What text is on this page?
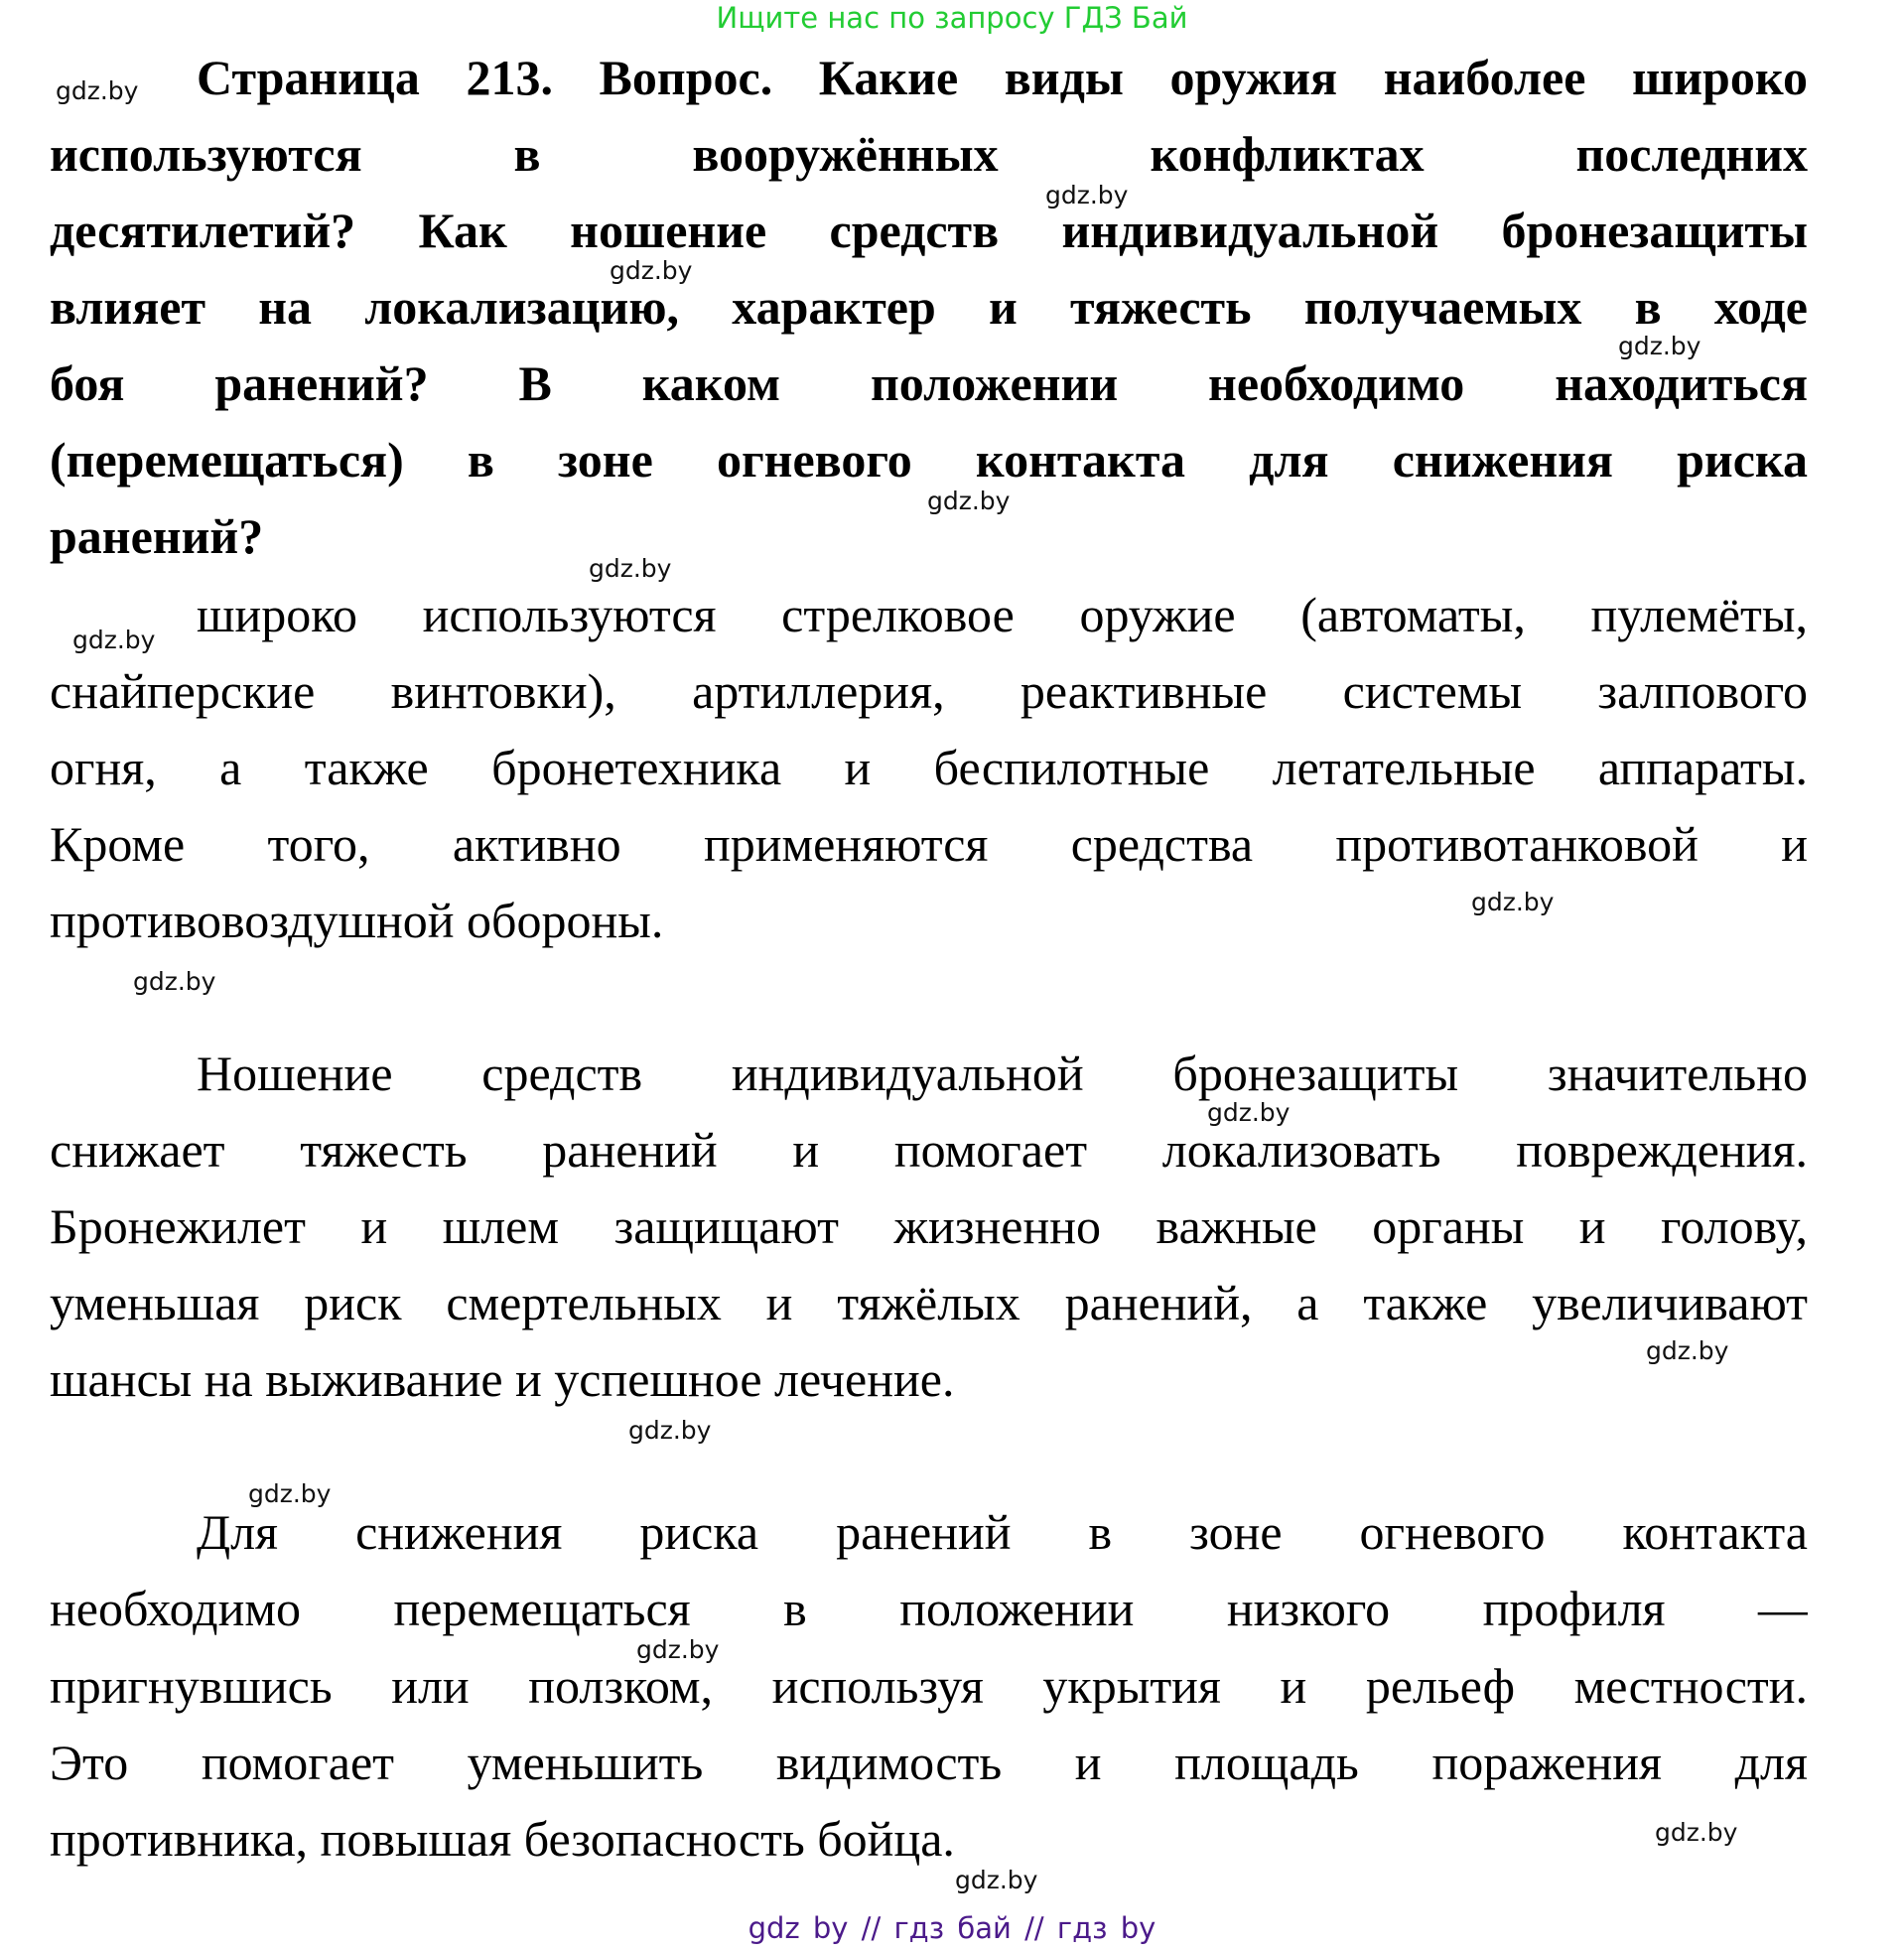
Ищите нас по запросу ГДЗ Бай
Страница 213. Вопрос. Какие виды оружия наиболее широко
используются в вооружённых конфликтах последних
десятилетий? Как ношение средств индивидуальной бронезащиты
влияет на локализацию, характер и тяжесть получаемых в ходе
боя ранений? В каком положении необходимо находиться
(перемещаться) в зоне огневого контакта для снижения риска
ранений?
широко используются стрелковое оружие (автоматы, пулемёты,
снайперские винтовки), артиллерия, реактивные системы залпового
огня, а также бронетехника и беспилотные летательные аппараты.
Кроме того, активно применяются средства противотанковой и
противовоздушной обороны.
Ношение средств индивидуальной бронезащиты значительно
снижает тяжесть ранений и помогает локализовать повреждения.
Бронежилет и шлем защищают жизненно важные органы и голову,
уменьшая риск смертельных и тяжёлых ранений, а также увеличивают
шансы на выживание и успешное лечение.
Для снижения риска ранений в зоне огневого контакта
необходимо перемещаться в положении низкого профиля —
пригнувшись или ползком, используя укрытия и рельеф местности.
Это помогает уменьшить видимость и площадь поражения для
противника, повышая безопасность бойца.
gdz.by
gdz.by
gdz.by
gdz.by
gdz.by
gdz.by
gdz.by
gdz.by
gdz.by
gdz.by
gdz.by
gdz.by
gdz.by
gdz.by
gdz.by
gdz.by
gdz by // гдз бай // гдз by
